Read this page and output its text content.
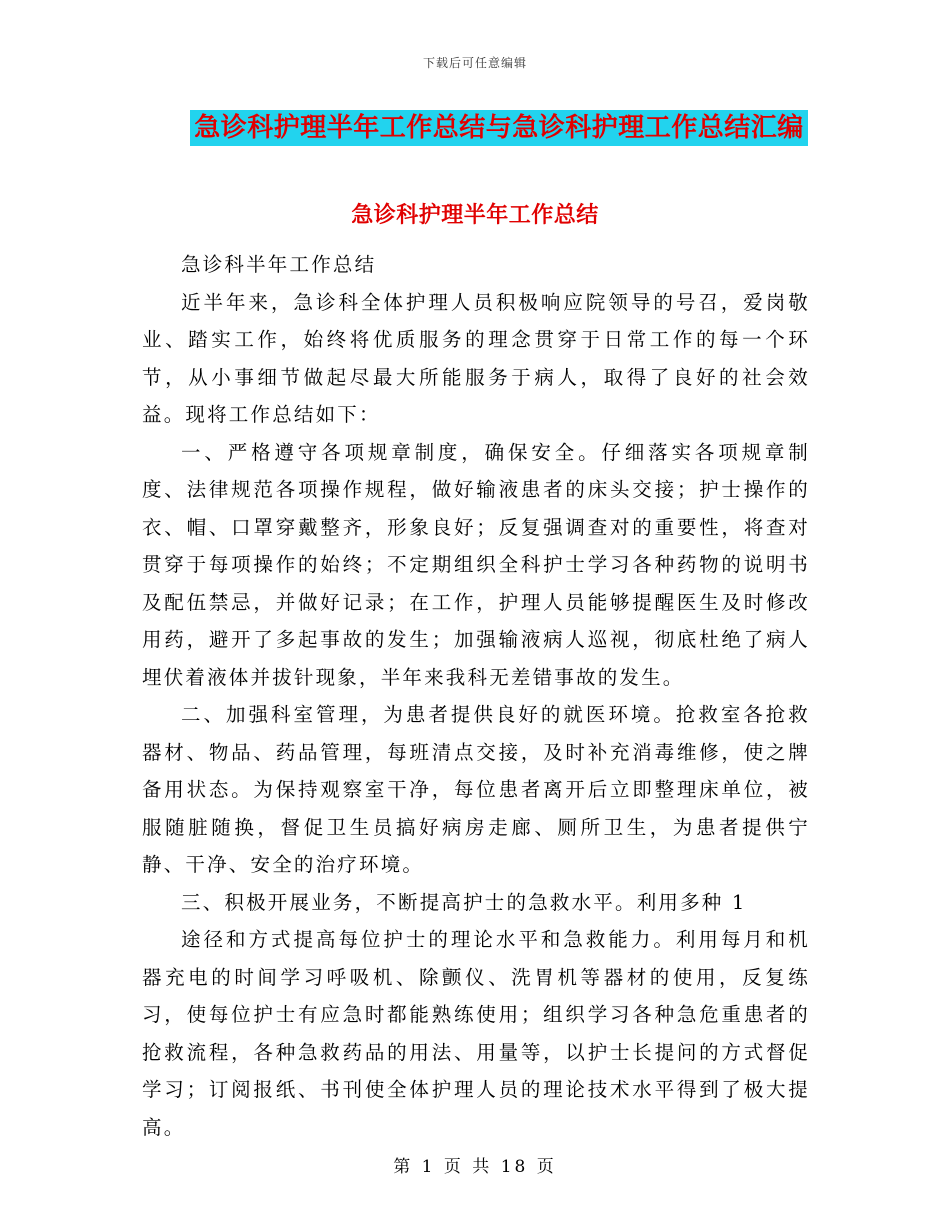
下载后可任意编辑
急诊科护理半年工作总结与急诊科护理工作总结汇编
急诊科护理半年工作总结

急诊科半年工作总结

近半年来，急诊科全体护理人员积极响应院领导的号召，爱岗敬业、踏实工作，始终将优质服务的理念贯穿于日常工作的每一个环节，从小事细节做起尽最大所能服务于病人，取得了良好的社会效益。现将工作总结如下：

一、严格遵守各项规章制度，确保安全。仔细落实各项规章制度、法律规范各项操作规程，做好输液患者的床头交接；护士操作的衣、帽、口罩穿戴整齐，形象良好；反复强调查对的重要性，将查对贯穿于每项操作的始终；不定期组织全科护士学习各种药物的说明书及配伍禁忌，并做好记录；在工作，护理人员能够提醒医生及时修改用药，避开了多起事故的发生；加强输液病人巡视，彻底杜绝了病人埋伏着液体并拔针现象，半年来我科无差错事故的发生。

二、加强科室管理，为患者提供良好的就医环境。抢救室各抢救器材、物品、药品管理，每班清点交接，及时补充消毒维修，使之牌备用状态。为保持观察室干净，每位患者离开后立即整理床单位，被服随脏随换，督促卫生员搞好病房走廊、厕所卫生，为患者提供宁静、干净、安全的治疗环境。

三、积极开展业务，不断提高护士的急救水平。利用多种 1

途径和方式提高每位护士的理论水平和急救能力。利用每月和机器充电的时间学习呼吸机、除颤仪、洗胃机等器材的使用，反复练习，使每位护士有应急时都能熟练使用；组织学习各种急危重患者的抢救流程，各种急救药品的用法、用量等，以护士长提问的方式督促学习；订阅报纸、书刊使全体护理人员的理论技术水平得到了极大提高。

第 1 页 共 18 页
